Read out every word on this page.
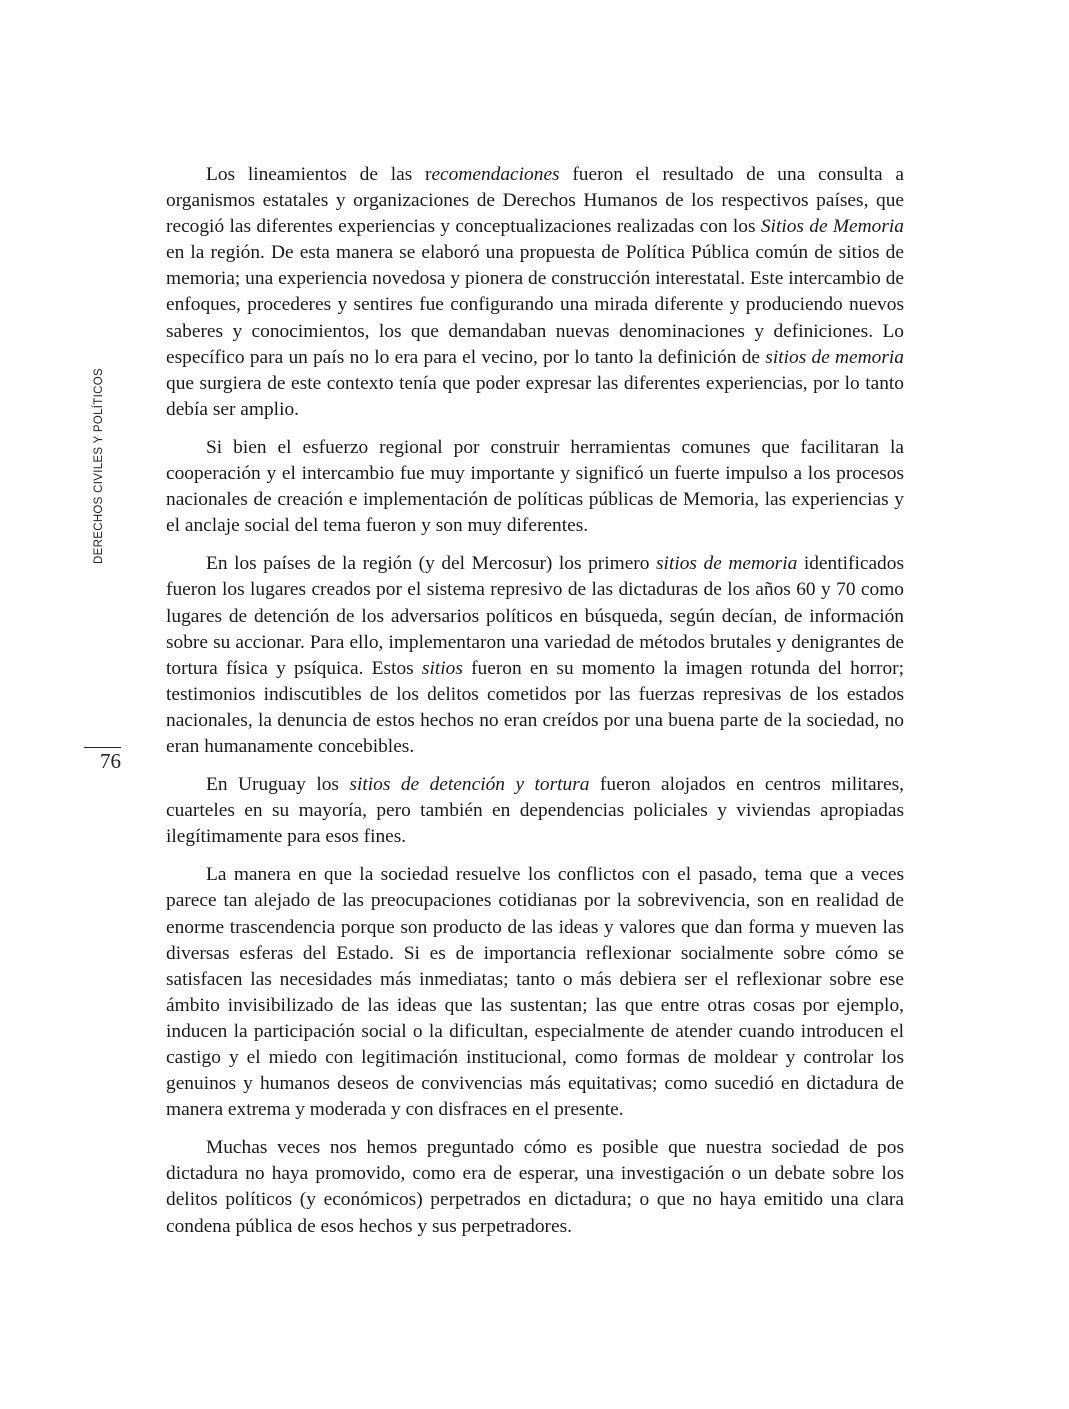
DERECHOS CIVILES Y POLÍTICOS
76

Los lineamientos de las recomendaciones fueron el resultado de una consulta a organismos estatales y organizaciones de Derechos Humanos de los respectivos países, que recogió las diferentes experiencias y conceptualizaciones realizadas con los Sitios de Memoria en la región. De esta manera se elaboró una propuesta de Política Pública común de sitios de memoria; una experiencia novedosa y pionera de construcción interestatal. Este intercambio de enfoques, procederes y sentires fue configurando una mirada diferente y produciendo nuevos saberes y conocimientos, los que demandaban nuevas denominaciones y definiciones. Lo específico para un país no lo era para el vecino, por lo tanto la definición de sitios de memoria que surgiera de este contexto tenía que poder expresar las diferentes experiencias, por lo tanto debía ser amplio.

Si bien el esfuerzo regional por construir herramientas comunes que facilitaran la cooperación y el intercambio fue muy importante y significó un fuerte impulso a los procesos nacionales de creación e implementación de políticas públicas de Memoria, las experiencias y el anclaje social del tema fueron y son muy diferentes.

En los países de la región (y del Mercosur) los primero sitios de memoria identificados fueron los lugares creados por el sistema represivo de las dictaduras de los años 60 y 70 como lugares de detención de los adversarios políticos en búsqueda, según decían, de información sobre su accionar. Para ello, implementaron una variedad de métodos brutales y denigrantes de tortura física y psíquica. Estos sitios fueron en su momento la imagen rotunda del horror; testimonios indiscutibles de los delitos cometidos por las fuerzas represivas de los estados nacionales, la denuncia de estos hechos no eran creídos por una buena parte de la sociedad, no eran humanamente concebibles.

En Uruguay los sitios de detención y tortura fueron alojados en centros militares, cuarteles en su mayoría, pero también en dependencias policiales y viviendas apropiadas ilegítimamente para esos fines.

La manera en que la sociedad resuelve los conflictos con el pasado, tema que a veces parece tan alejado de las preocupaciones cotidianas por la sobrevivencia, son en realidad de enorme trascendencia porque son producto de las ideas y valores que dan forma y mueven las diversas esferas del Estado. Si es de importancia reflexionar socialmente sobre cómo se satisfacen las necesidades más inmediatas; tanto o más debiera ser el reflexionar sobre ese ámbito invisibilizado de las ideas que las sustentan; las que entre otras cosas por ejemplo, inducen la participación social o la dificultan, especialmente de atender cuando introducen el castigo y el miedo con legitimación institucional, como formas de moldear y controlar los genuinos y humanos deseos de convivencias más equitativas; como sucedió en dictadura de manera extrema y moderada y con disfraces en el presente.

Muchas veces nos hemos preguntado cómo es posible que nuestra sociedad de pos dictadura no haya promovido, como era de esperar, una investigación o un debate sobre los delitos políticos (y económicos) perpetrados en dictadura; o que no haya emitido una clara condena pública de esos hechos y sus perpetradores.
